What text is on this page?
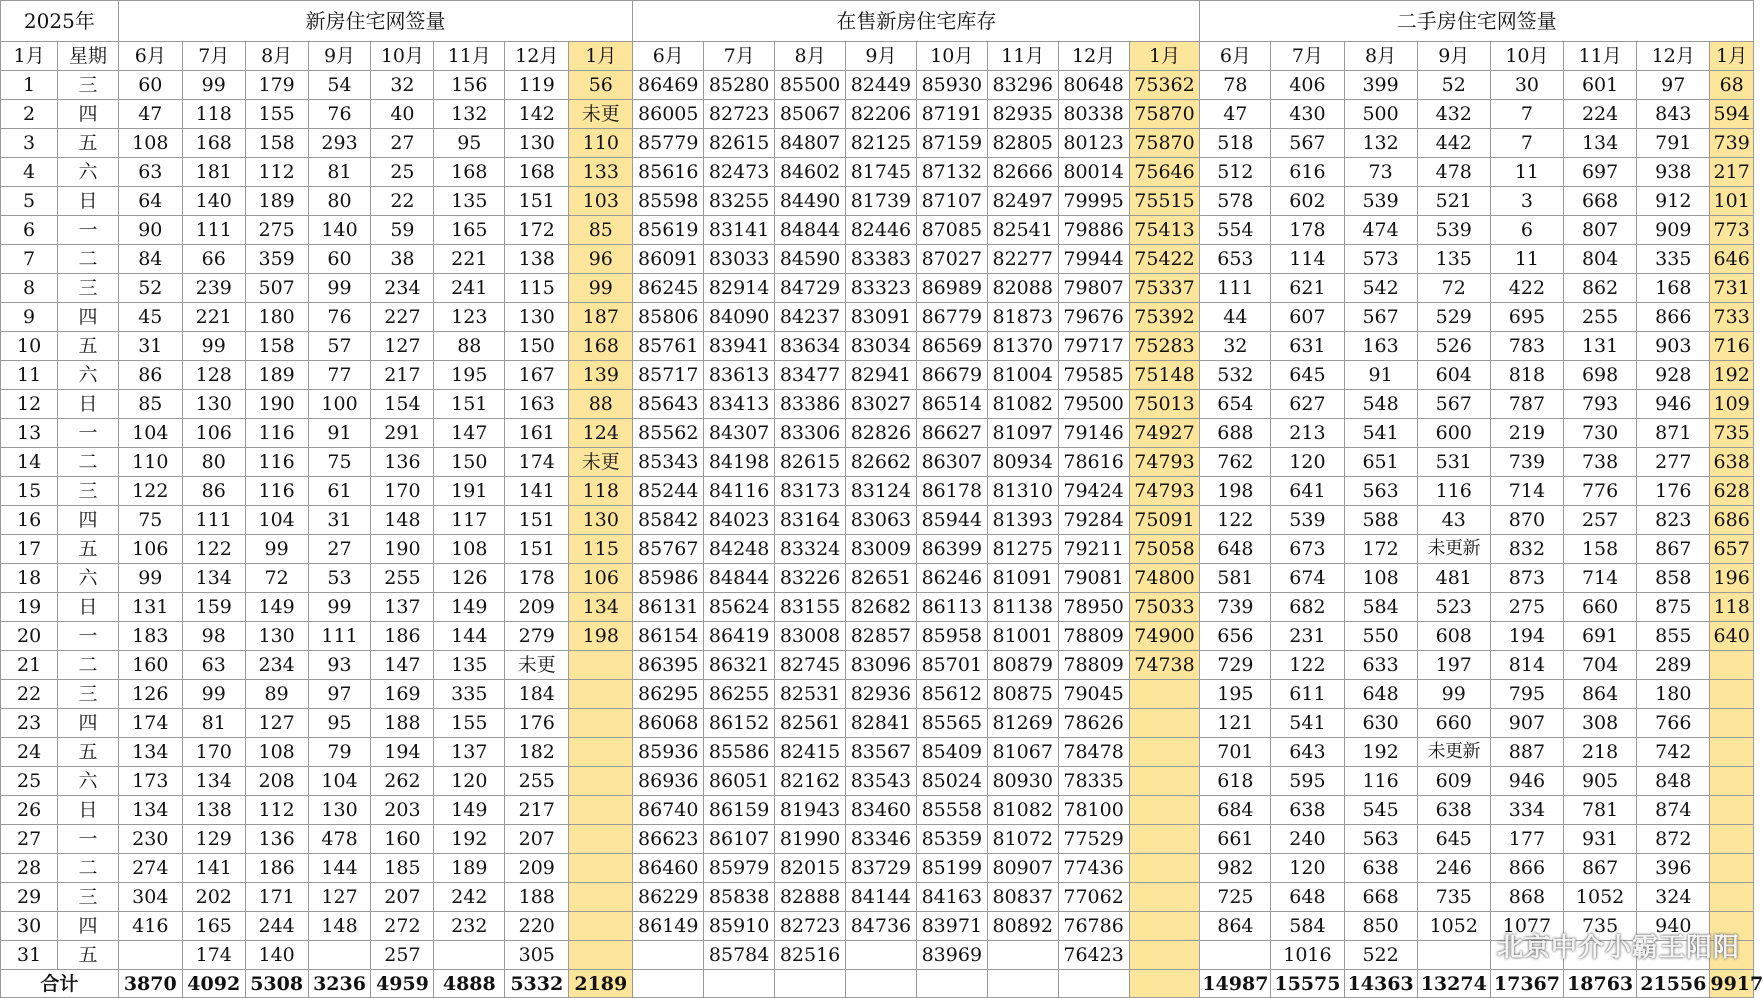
2025年		新房住宅网签量								在售新房住宅库存								二手房住宅网签量							
1月	星期	6月	7月	8月	9月	10月	11月	12月	1月	6月	7月	8月	9月	10月	11月	12月	1月	6月	7月	8月	9月	10月	11月	12月	1月
1	三	60	99	179	54	32	156	119	56	86469	85280	85500	82449	85930	83296	80648	75362	78	406	399	52	30	601	97	68
2	四	47	118	155	76	40	132	142	未更	86005	82723	85067	82206	87191	82935	80338	75870	47	430	500	432	7	224	843	594
3	五	108	168	158	293	27	95	130	110	85779	82615	84807	82125	87159	82805	80123	75870	518	567	132	442	7	134	791	739
4	六	63	181	112	81	25	168	168	133	85616	82473	84602	81745	87132	82666	80014	75646	512	616	73	478	11	697	938	217
5	日	64	140	189	80	22	135	151	103	85598	83255	84490	81739	87107	82497	79995	75515	578	602	539	521	3	668	912	101
6	一	90	111	275	140	59	165	172	85	85619	83141	84844	82446	87085	82541	79886	75413	554	178	474	539	6	807	909	773
7	二	84	66	359	60	38	221	138	96	86091	83033	84590	83383	87027	82277	79944	75422	653	114	573	135	11	804	335	646
8	三	52	239	507	99	234	241	115	99	86245	82914	84729	83323	86989	82088	79807	75337	111	621	542	72	422	862	168	731
9	四	45	221	180	76	227	123	130	187	85806	84090	84237	83091	86779	81873	79676	75392	44	607	567	529	695	255	866	733
10	五	31	99	158	57	127	88	150	168	85761	83941	83634	83034	86569	81370	79717	75283	32	631	163	526	783	131	903	716
11	六	86	128	189	77	217	195	167	139	85717	83613	83477	82941	86679	81004	79585	75148	532	645	91	604	818	698	928	192
12	日	85	130	190	100	154	151	163	88	85643	83413	83386	83027	86514	81082	79500	75013	654	627	548	567	787	793	946	109
13	一	104	106	116	91	291	147	161	124	85562	84307	83306	82826	86627	81097	79146	74927	688	213	541	600	219	730	871	735
14	二	110	80	116	75	136	150	174	未更	85343	84198	82615	82662	86307	80934	78616	74793	762	120	651	531	739	738	277	638
15	三	122	86	116	61	170	191	141	118	85244	84116	83173	83124	86178	81310	79424	74793	198	641	563	116	714	776	176	628
16	四	75	111	104	31	148	117	151	130	85842	84023	83164	83063	85944	81393	79284	75091	122	539	588	43	870	257	823	686
17	五	106	122	99	27	190	108	151	115	85767	84248	83324	83009	86399	81275	79211	75058	648	673	172	未更新	832	158	867	657
18	六	99	134	72	53	255	126	178	106	85986	84844	83226	82651	86246	81091	79081	74800	581	674	108	481	873	714	858	196
19	日	131	159	149	99	137	149	209	134	86131	85624	83155	82682	86113	81138	78950	75033	739	682	584	523	275	660	875	118
20	一	183	98	130	111	186	144	279	198	86154	86419	83008	82857	85958	81001	78809	74900	656	231	550	608	194	691	855	640
21	二	160	63	234	93	147	135	未更		86395	86321	82745	83096	85701	80879	78809	74738	729	122	633	197	814	704	289	
22	三	126	99	89	97	169	335	184		86295	86255	82531	82936	85612	80875	79045		195	611	648	99	795	864	180	
23	四	174	81	127	95	188	155	176		86068	86152	82561	82841	85565	81269	78626		121	541	630	660	907	308	766	
24	五	134	170	108	79	194	137	182		85936	85586	82415	83567	85409	81067	78478		701	643	192	未更新	887	218	742	
25	六	173	134	208	104	262	120	255		86936	86051	82162	83543	85024	80930	78335		618	595	116	609	946	905	848	
26	日	134	138	112	130	203	149	217		86740	86159	81943	83460	85558	81082	78100		684	638	545	638	334	781	874	
27	一	230	129	136	478	160	192	207		86623	86107	81990	83346	85359	81072	77529		661	240	563	645	177	931	872	
28	二	274	141	186	144	185	189	209		86460	85979	82015	83729	85199	80907	77436		982	120	638	246	866	867	396	
29	三	304	202	171	127	207	242	188		86229	85838	82888	84144	84163	80837	77062		725	648	668	735	868	1052	324	
30	四	416	165	244	148	272	232	220		86149	85910	82723	84736	83971	80892	76786		864	584	850	1052	1077	735	940	
31	五		174	140		257		305			85784	82516		83969		76423			1016	522					
合计		3870	4092	5308	3236	4959	4888	5332	2189									14987	15575	14363	13274	17367	18763	21556	9917
北京中介小霸王阳阳
